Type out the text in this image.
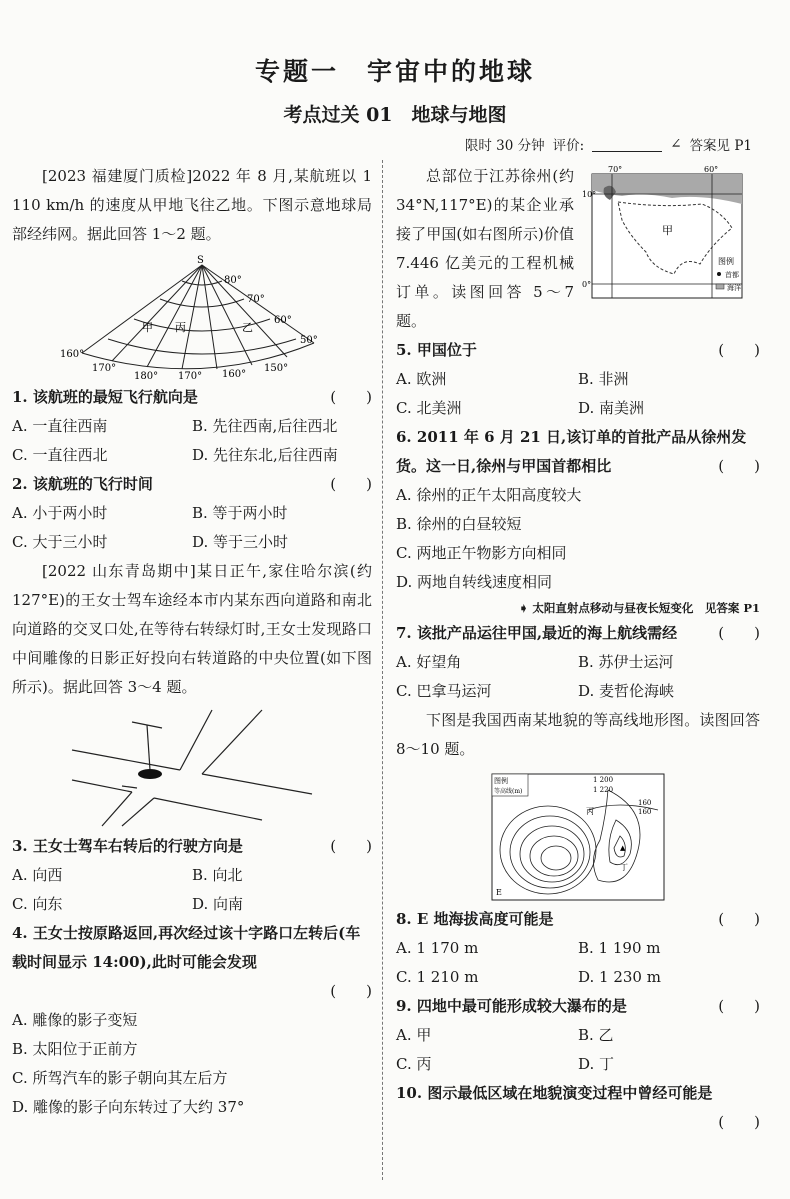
专题一　宇宙中的地球
考点过关 01　地球与地图
限时 30 分钟 评价:	∠ 答案见 P1

[2023 福建厦门质检]2022 年 8 月,某航班以 1 110 km/h 的速度从甲地飞往乙地。下图示意地球局部经纬网。据此回答 1～2 题。

S
80°
70°
60°
50°
160°
170°
180° 170° 160°
150°
甲 丙	乙
1. 该航班的最短飞行航向是	(　　)
A. 一直往西南	B. 先往西南,后往西北
C. 一直往西北	D. 先往东北,后往西南
2. 该航班的飞行时间	(　　)
A. 小于两小时	B. 等于两小时
C. 大于三小时	D. 等于三小时

[2022 山东青岛期中]某日正午,家住哈尔滨(约 127°E)的王女士驾车途经本市内某东西向道路和南北向道路的交叉口处,在等待右转绿灯时,王女士发现路口中间雕像的日影正好投向右转道路的中央位置(如下图所示)。据此回答 3～4 题。

3. 王女士驾车右转后的行驶方向是	(　　)
A. 向西	B. 向北
C. 向东	D. 向南

4. 王女士按原路返回,再次经过该十字路口左转后(车载时间显示 14:00),此时可能会发现

(　　)

A. 雕像的影子变短
B. 太阳位于正前方
C. 所驾汽车的影子朝向其左后方
D. 雕像的影子向东转过了大约 37°

总部位于江苏徐州(约 34°N,117°E)的某企业承接了甲国(如右图所示)价值 7.446 亿美元的工程机械订单。读图回答 5～7 题。

70°	60°
10°
0°
甲
图例
首都
海洋
5. 甲国位于	(　　)
A. 欧洲	B. 非洲
C. 北美洲	D. 南美洲

6. 2011 年 6 月 21 日,该订单的首批产品从徐州发货。这一日,徐州与甲国首都相比	(　　)

A. 徐州的正午太阳高度较大
B. 徐州的白昼较短
C. 两地正午物影方向相同
D. 两地自转线速度相同
➧ 太阳直射点移动与昼夜长短变化　见答案 P1
7. 该批产品运往甲国,最近的海上航线需经	(　　)
A. 好望角	B. 苏伊士运河
C. 巴拿马运河	D. 麦哲伦海峡

下图是我国西南某地貌的等高线地形图。读图回答 8～10 题。

图例
等高线(m)
1 200
1 220
160
160
丙
丁
E
▲
8. E 地海拔高度可能是	(　　)
A. 1 170 m	B. 1 190 m
C. 1 210 m	D. 1 230 m
9. 四地中最可能形成较大瀑布的是	(　　)
A. 甲	B. 乙
C. 丙	D. 丁

10. 图示最低区域在地貌演变过程中曾经可能是

(　　)
